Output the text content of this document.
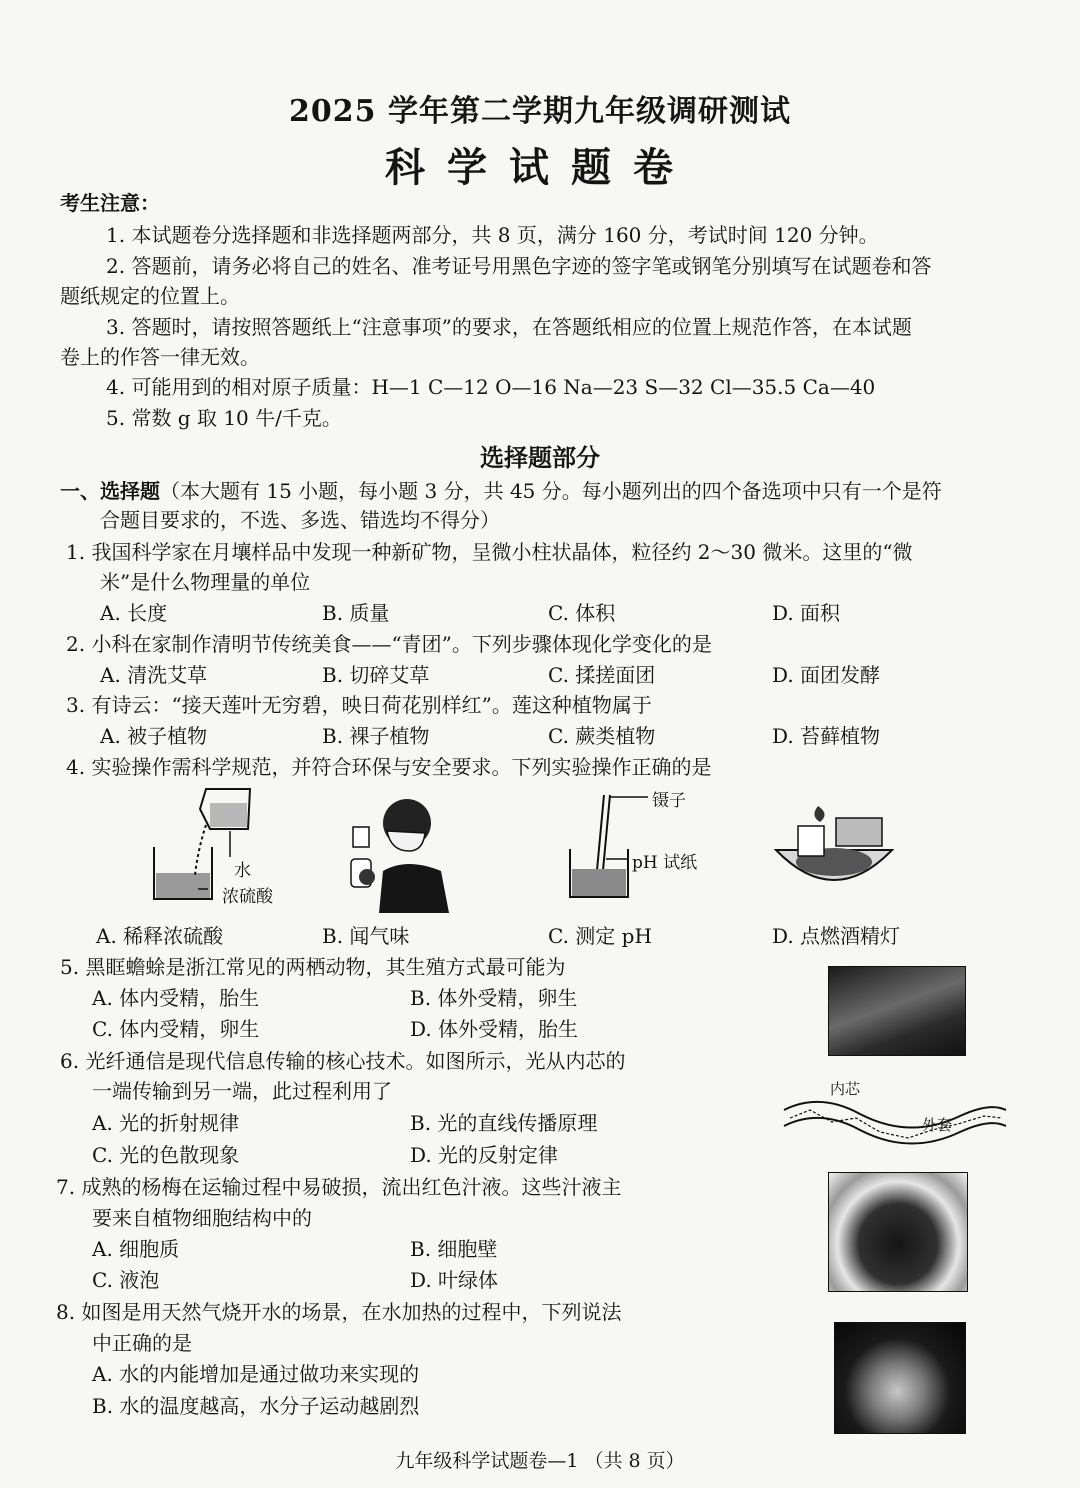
2025 学年第二学期九年级调研测试
科学试题卷
考生注意：
1. 本试题卷分选择题和非选择题两部分，共 8 页，满分 160 分，考试时间 120 分钟。
2. 答题前，请务必将自己的姓名、准考证号用黑色字迹的签字笔或钢笔分别填写在试题卷和答
题纸规定的位置上。
3. 答题时，请按照答题纸上“注意事项”的要求，在答题纸相应的位置上规范作答，在本试题
卷上的作答一律无效。
4. 可能用到的相对原子质量：H—1 C—12 O—16 Na—23 S—32 Cl—35.5 Ca—40
5. 常数 g 取 10 牛/千克。
选择题部分
一、选择题（本大题有 15 小题，每小题 3 分，共 45 分。每小题列出的四个备选项中只有一个是符
合题目要求的，不选、多选、错选均不得分）
1. 我国科学家在月壤样品中发现一种新矿物，呈微小柱状晶体，粒径约 2～30 微米。这里的“微
米”是什么物理量的单位
A. 长度	B. 质量	C. 体积	D. 面积
2. 小科在家制作清明节传统美食——“青团”。下列步骤体现化学变化的是
A. 清洗艾草	B. 切碎艾草	C. 揉搓面团	D. 面团发酵
3. 有诗云：“接天莲叶无穷碧，映日荷花别样红”。莲这种植物属于
A. 被子植物	B. 裸子植物	C. 蕨类植物	D. 苔藓植物
4. 实验操作需科学规范，并符合环保与安全要求。下列实验操作正确的是
水
浓硫酸
镊子
pH 试纸
A. 稀释浓硫酸	B. 闻气味	C. 测定 pH	D. 点燃酒精灯
5. 黑眶蟾蜍是浙江常见的两栖动物，其生殖方式最可能为
A. 体内受精，胎生	B. 体外受精，卵生
C. 体内受精，卵生	D. 体外受精，胎生
6. 光纤通信是现代信息传输的核心技术。如图所示，光从内芯的
一端传输到另一端，此过程利用了
A. 光的折射规律	B. 光的直线传播原理
C. 光的色散现象	D. 光的反射定律
内芯
外套
7. 成熟的杨梅在运输过程中易破损，流出红色汁液。这些汁液主
要来自植物细胞结构中的
A. 细胞质	B. 细胞壁
C. 液泡	D. 叶绿体
8. 如图是用天然气烧开水的场景，在水加热的过程中，下列说法
中正确的是
A. 水的内能增加是通过做功来实现的
B. 水的温度越高，水分子运动越剧烈
九年级科学试题卷—1 （共 8 页）
